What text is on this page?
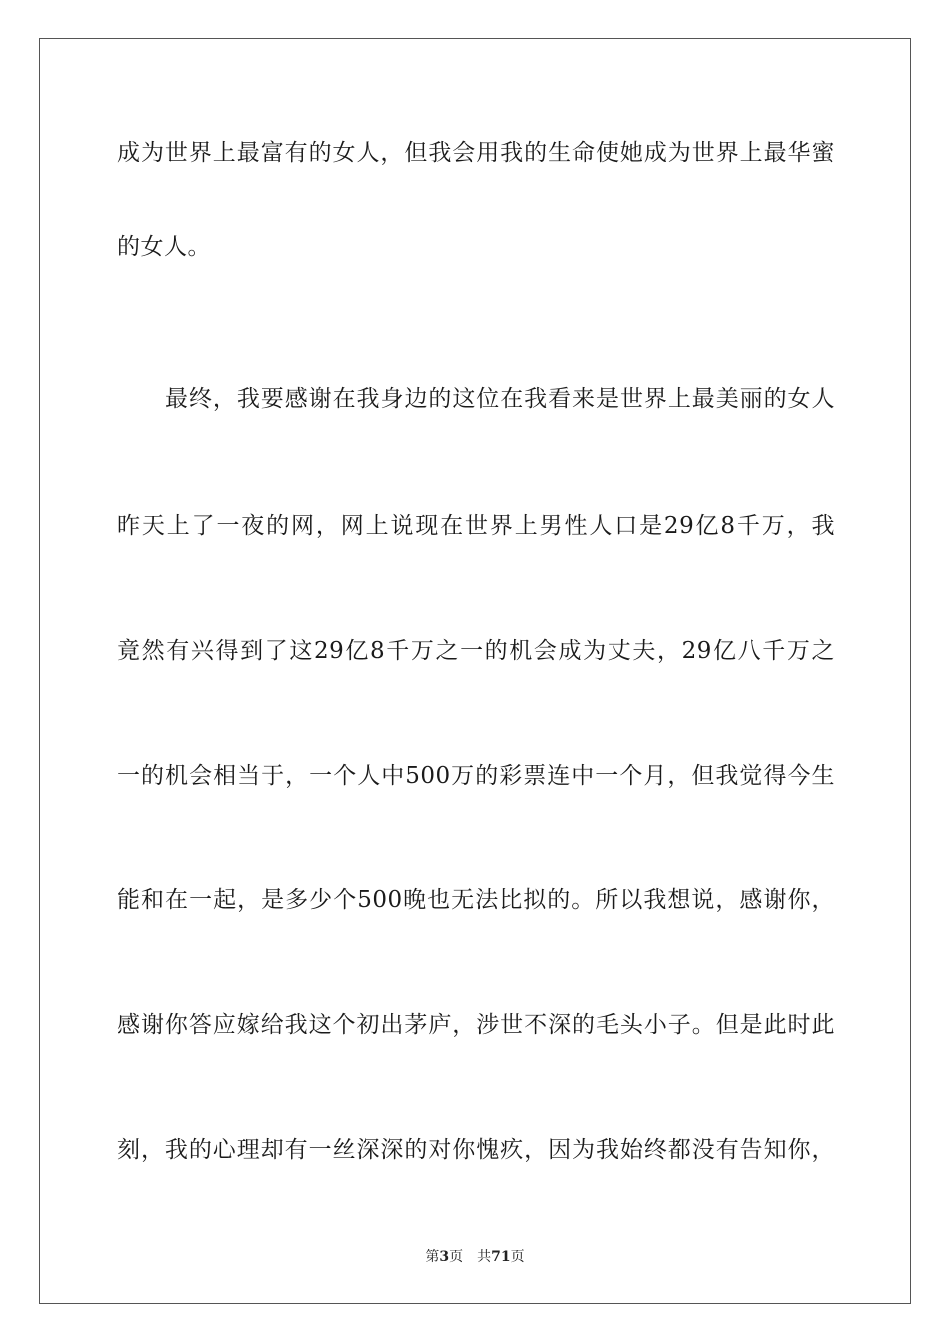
成为世界上最富有的女人，但我会用我的生命使她成为世界上最华蜜
的女人。
最终，我要感谢在我身边的这位在我看来是世界上最美丽的女人
昨天上了一夜的网，网上说现在世界上男性人口是29亿8千万，我
竟然有兴得到了这29亿8千万之一的机会成为丈夫，29亿八千万之
一的机会相当于，一个人中500万的彩票连中一个月，但我觉得今生
能和在一起，是多少个500晚也无法比拟的。所以我想说，感谢你，
感谢你答应嫁给我这个初出茅庐，涉世不深的毛头小子。但是此时此
刻，我的心理却有一丝深深的对你愧疚，因为我始终都没有告知你，
第3页 共71页
